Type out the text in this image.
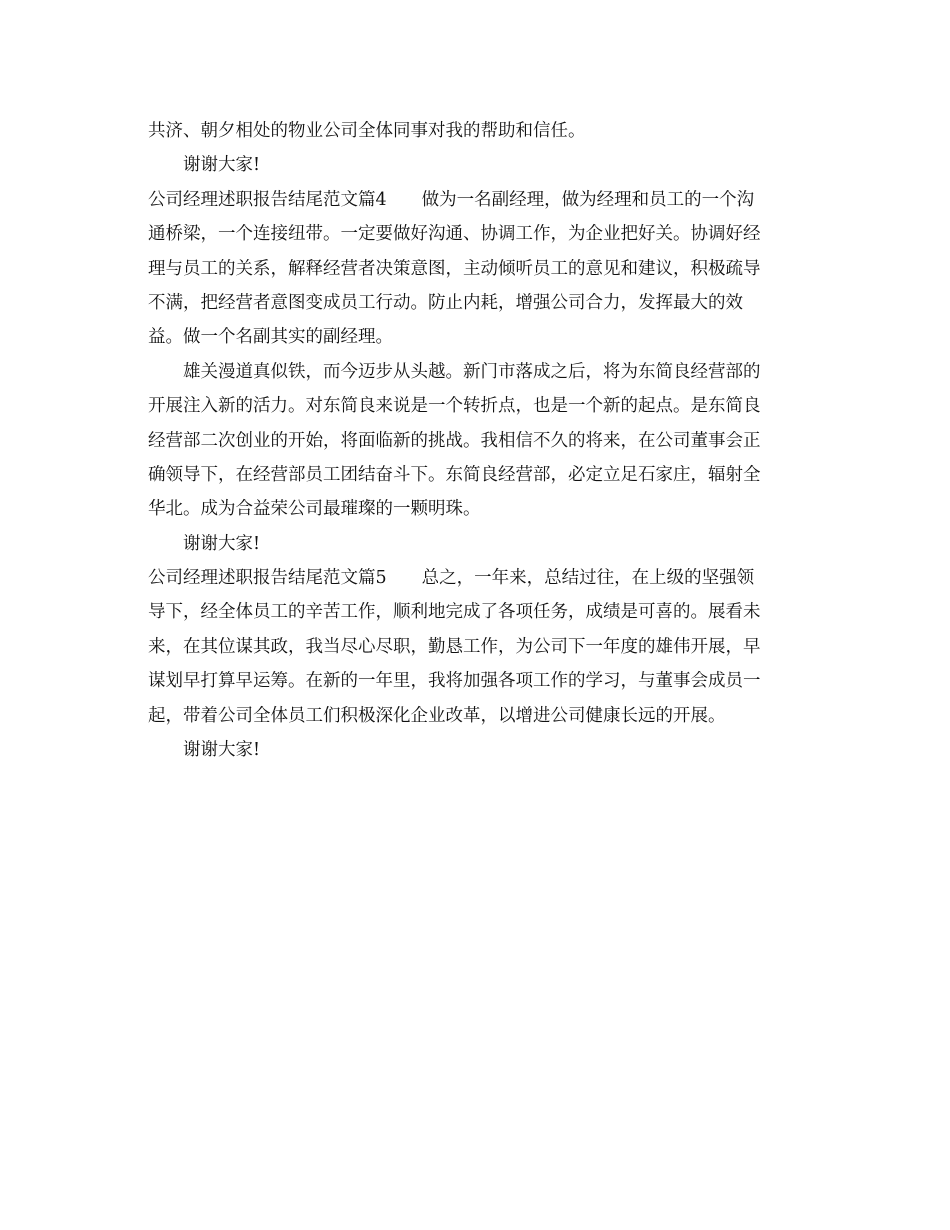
共济、朝夕相处的物业公司全体同事对我的帮助和信任。
　　谢谢大家!
公司经理述职报告结尾范文篇4　　做为一名副经理，做为经理和员工的一个沟
通桥梁，一个连接纽带。一定要做好沟通、协调工作，为企业把好关。协调好经
理与员工的关系，解释经营者决策意图，主动倾听员工的意见和建议，积极疏导
不满，把经营者意图变成员工行动。防止内耗，增强公司合力，发挥最大的效
益。做一个名副其实的副经理。
　　雄关漫道真似铁，而今迈步从头越。新门市落成之后，将为东简良经营部的
开展注入新的活力。对东简良来说是一个转折点，也是一个新的起点。是东简良
经营部二次创业的开始，将面临新的挑战。我相信不久的将来，在公司董事会正
确领导下，在经营部员工团结奋斗下。东简良经营部，必定立足石家庄，辐射全
华北。成为合益荣公司最璀璨的一颗明珠。
　　谢谢大家!
公司经理述职报告结尾范文篇5　　总之，一年来，总结过往，在上级的坚强领
导下，经全体员工的辛苦工作，顺利地完成了各项任务，成绩是可喜的。展看未
来，在其位谋其政，我当尽心尽职，勤恳工作，为公司下一年度的雄伟开展，早
谋划早打算早运筹。在新的一年里，我将加强各项工作的学习，与董事会成员一
起，带着公司全体员工们积极深化企业改革，以增进公司健康长远的开展。
　　谢谢大家!
